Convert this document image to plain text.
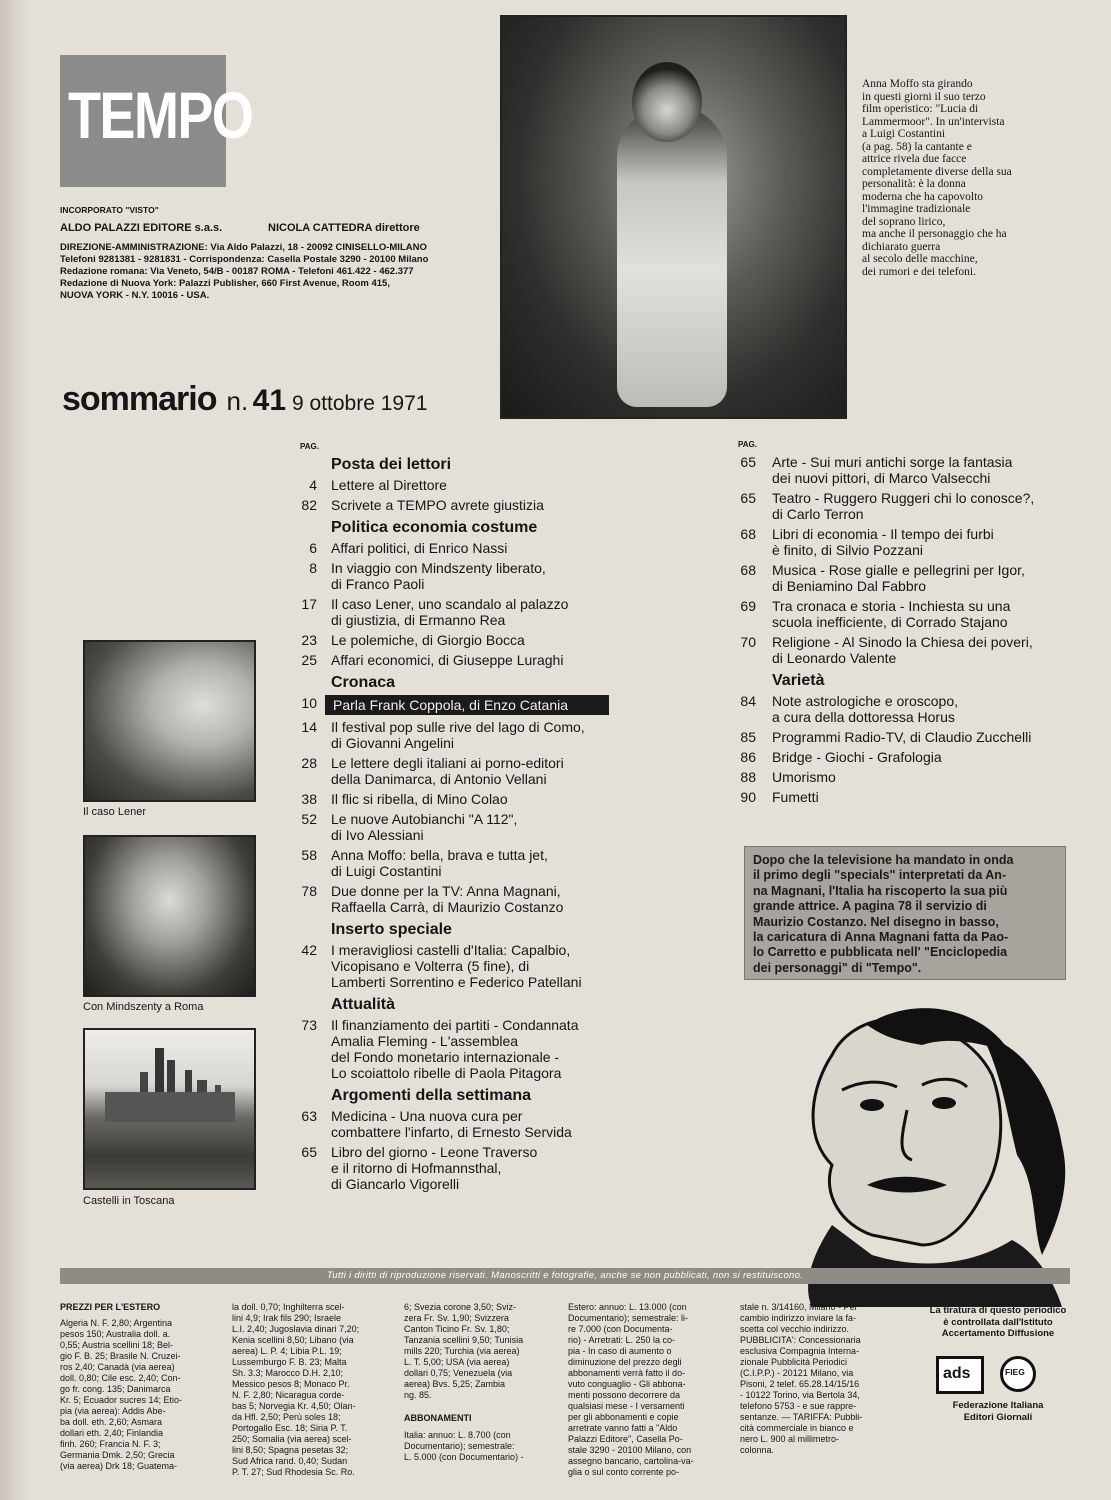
TEMPO
INCORPORATO "VISTO"
ALDO PALAZZI EDITORE s.a.s.	NICOLA CATTEDRA direttore
DIREZIONE-AMMINISTRAZIONE: Via Aldo Palazzi, 18 - 20092 CINISELLO-MILANO
Telefoni 9281381 - 9281831 - Corrispondenza: Casella Postale 3290 - 20100 Milano
Redazione romana: Via Veneto, 54/B - 00187 ROMA - Telefoni 461.422 - 462.377
Redazione di Nuova York: Palazzi Publisher, 660 First Avenue, Room 415,
NUOVA YORK - N.Y. 10016 - USA.
Anna Moffo sta girando
in questi giorni il suo terzo
film operistico: "Lucia di
Lammermoor". In un'intervista
a Luigi Costantini
(a pag. 58) la cantante e
attrice rivela due facce
completamente diverse della sua
personalità: è la donna
moderna che ha capovolto
l'immagine tradizionale
del soprano lirico,
ma anche il personaggio che ha
dichiarato guerra
al secolo delle macchine,
dei rumori e dei telefoni.
sommario n. 41 9 ottobre 1971
PAG.
Posta dei lettori
4 Lettere al Direttore
82 Scrivete a TEMPO avrete giustizia
Politica economia costume
6 Affari politici, di Enrico Nassi
8 In viaggio con Mindszenty liberato,
di Franco Paoli
17 Il caso Lener, uno scandalo al palazzo
di giustizia, di Ermanno Rea
23 Le polemiche, di Giorgio Bocca
25 Affari economici, di Giuseppe Luraghi
Cronaca
10 Parla Frank Coppola, di Enzo Catania
14 Il festival pop sulle rive del lago di Como,
di Giovanni Angelini
28 Le lettere degli italiani ai porno-editori
della Danimarca, di Antonio Vellani
38 Il flic si ribella, di Mino Colao
52 Le nuove Autobianchi "A 112",
di Ivo Alessiani
58 Anna Moffo: bella, brava e tutta jet,
di Luigi Costantini
78 Due donne per la TV: Anna Magnani,
Raffaella Carrà, di Maurizio Costanzo
Inserto speciale
42 I meravigliosi castelli d'Italia: Capalbio,
Vicopisano e Volterra (5 fine), di
Lamberti Sorrentino e Federico Patellani
Attualità
73 Il finanziamento dei partiti - Condannata
Amalia Fleming - L'assemblea
del Fondo monetario internazionale -
Lo scoiattolo ribelle di Paola Pitagora
Argomenti della settimana
63 Medicina - Una nuova cura per
combattere l'infarto, di Ernesto Servida
65 Libro del giorno - Leone Traverso
e il ritorno di Hofmannsthal,
di Giancarlo Vigorelli
PAG.
65 Arte - Sui muri antichi sorge la fantasia
dei nuovi pittori, di Marco Valsecchi
65 Teatro - Ruggero Ruggeri chi lo conosce?,
di Carlo Terron
68 Libri di economia - Il tempo dei furbi
è finito, di Silvio Pozzani
68 Musica - Rose gialle e pellegrini per Igor,
di Beniamino Dal Fabbro
69 Tra cronaca e storia - Inchiesta su una
scuola inefficiente, di Corrado Stajano
70 Religione - Al Sinodo la Chiesa dei poveri,
di Leonardo Valente
Varietà
84 Note astrologiche e oroscopo,
a cura della dottoressa Horus
85 Programmi Radio-TV, di Claudio Zucchelli
86 Bridge - Giochi - Grafologia
88 Umorismo
90 Fumetti
Il caso Lener
Con Mindszenty a Roma
Castelli in Toscana

Dopo che la televisione ha mandato in onda
il primo degli "specials" interpretati da An-
na Magnani, l'Italia ha riscoperto la sua più
grande attrice. A pagina 78 il servizio di
Maurizio Costanzo. Nel disegno in basso,
la caricatura di Anna Magnani fatta da Pao-
lo Carretto e pubblicata nell' "Enciclopedia
dei personaggi" di "Tempo".

Tutti i diritti di riproduzione riservati. Manoscritti e fotografie, anche se non pubblicati, non si restituiscono.

PREZZI PER L'ESTERO

Algeria N. F. 2,80; Argentina
pesos 150; Australia doll. a.
0,55; Austria scellini 18; Bel-
gio F. B. 25; Brasile N. Cruzei-
ros 2,40; Canadà (via aerea)
doll. 0,80; Cile esc. 2,40; Con-
go fr. cong. 135; Danimarca
Kr. 5; Ecuador sucres 14; Etio-
pia (via aerea): Addis Abe-
ba doll. eth. 2,60; Asmara
dollari eth. 2,40; Finlandia
finh. 260; Francia N. F. 3;
Germania Dmk. 2,50; Grecia
(via aerea) Drk 18; Guatema-
la doll. 0,70; Inghilterra scel-
lini 4,9; Irak fils 290; Israele
L.I. 2,40; Jugoslavia dinari 7,20;
Kenia scellini 8,50; Libano (via
aerea) L. P. 4; Libia P.L. 19;
Lussemburgo F. B. 23; Malta
Sh. 3.3; Marocco D.H. 2,10;
Messico pesos 8; Monaco Pr.
N. F. 2,80; Nicaragua corde-
bas 5; Norvegia Kr. 4,50; Olan-
da Hfl. 2,50; Perù soles 18;
Portogallo Esc. 18; Siria P. T.
250; Somalia (via aerea) scel-
lini 8,50; Spagna pesetas 32;
Sud Africa rand. 0,40; Sudan
P. T. 27; Sud Rhodesia Sc. Ro.
6; Svezia corone 3,50; Sviz-
zera Fr. Sv. 1,90; Svizzera
Canton Ticino Fr. Sv. 1,80;
Tanzania scellini 9,50; Tunisia
mills 220; Turchia (via aerea)
L. T. 5,00; USA (via aerea)
dollari 0,75; Venezuela (via
aerea) Bvs. 5,25; Zambia
ng. 85.

ABBONAMENTI

Italia: annuo: L. 8.700 (con
Documentario); semestrale:
L. 5.000 (con Documentario) -
Estero: annuo: L. 13.000 (con
Documentario); semestrale: li-
re 7.000 (con Documenta-
rio) - Arretrati: L. 250 la co-
pia - In caso di aumento o
diminuzione del prezzo degli
abbonamenti verrà fatto il do-
vuto conguaglio - Gli abbona-
menti possono decorrere da
qualsiasi mese - I versamenti
per gli abbonamenti e copie
arretrate vanno fatti a "Aldo
Palazzi Editore", Casella Po-
stale 3290 - 20100 Milano, con
assegno bancario, cartolina-va-
glia o sul conto corrente po-
stale n. 3/14160, Milano - Per
cambio indirizzo inviare la fa-
scetta col vecchio indirizzo.
PUBBLICITA': Concessionaria
esclusiva Compagnia Interna-
zionale Pubblicità Periodici
(C.I.P.P.) - 20121 Milano, via
Pisoni, 2 telef. 65.28.14/15/16
- 10122 Torino, via Bertola 34,
telefono 5753 - e sue rappre-
sentanze. — TARIFFA: Pubbli-
cità commerciale in bianco e
nero L. 900 al millimetro-
colonna.
La tiratura di questo periodico
è controllata dall'Istituto
Accertamento Diffusione
ads	FIEG
Federazione Italiana
Editori Giornali
